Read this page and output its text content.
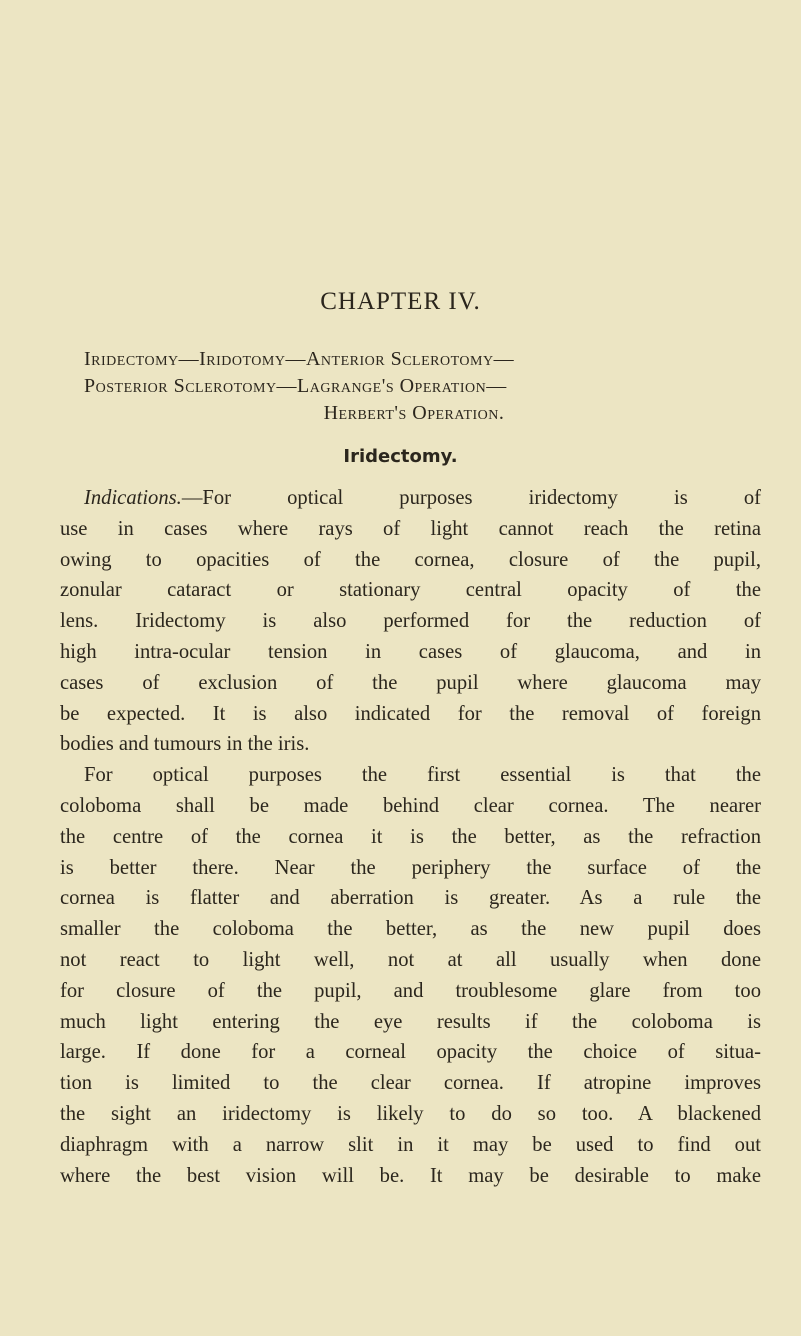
CHAPTER IV.
Iridectomy—Iridotomy—Anterior Sclerotomy—
Posterior Sclerotomy—Lagrange's Operation—
Herbert's Operation.
Iridectomy.
Indications.—For optical purposes iridectomy is of
use in cases where rays of light cannot reach the retina
owing to opacities of the cornea, closure of the pupil,
zonular cataract or stationary central opacity of the
lens. Iridectomy is also performed for the reduction of
high intra-ocular tension in cases of glaucoma, and in
cases of exclusion of the pupil where glaucoma may
be expected. It is also indicated for the removal of foreign
bodies and tumours in the iris.
For optical purposes the first essential is that the
coloboma shall be made behind clear cornea. The nearer
the centre of the cornea it is the better, as the refraction
is better there. Near the periphery the surface of the
cornea is flatter and aberration is greater. As a rule the
smaller the coloboma the better, as the new pupil does
not react to light well, not at all usually when done
for closure of the pupil, and troublesome glare from too
much light entering the eye results if the coloboma is
large. If done for a corneal opacity the choice of situa-
tion is limited to the clear cornea. If atropine improves
the sight an iridectomy is likely to do so too. A blackened
diaphragm with a narrow slit in it may be used to find out
where the best vision will be. It may be desirable to make
